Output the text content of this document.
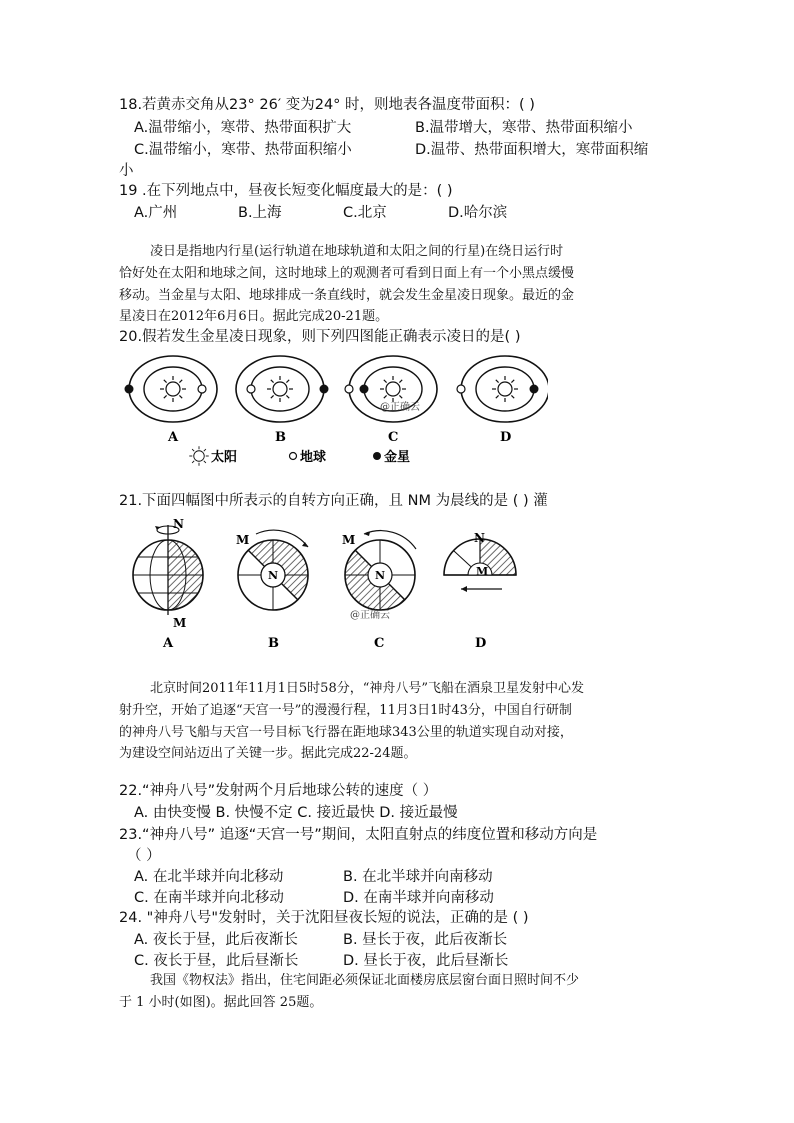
18.若黄赤交角从23° 26′ 变为24° 时，则地表各温度带面积：( )
A.温带缩小，寒带、热带面积扩大	B.温带增大，寒带、热带面积缩小
C.温带缩小，寒带、热带面积缩小	D.温带、热带面积增大，寒带面积缩
小
19 .在下列地点中，昼夜长短变化幅度最大的是：( )
A.广州	B.上海	C.北京	D.哈尔滨
凌日是指地内行星(运行轨道在地球轨道和太阳之间的行星)在绕日运行时
恰好处在太阳和地球之间，这时地球上的观测者可看到日面上有一个小黑点缓慢
移动。当金星与太阳、地球排成一条直线时，就会发生金星凌日现象。最近的金
星凌日在2012年6月6日。据此完成20-21题。
20.假若发生金星凌日现象，则下列四图能正确表示凌日的是( )
@正确云
A	B	C	D
太阳	地球	金星
21.下面四幅图中所表示的自转方向正确，且 NM 为晨线的是 ( ) 灌
N
M
N
M
N
M
@正确云
N
M
A	B	C	D
北京时间2011年11月1日5时58分，“神舟八号”飞船在酒泉卫星发射中心发
射升空，开始了追逐“天宫一号”的漫漫行程，11月3日1时43分，中国自行研制
的神舟八号飞船与天宫一号目标飞行器在距地球343公里的轨道实现自动对接，
为建设空间站迈出了关键一步。据此完成22-24题。
22.“神舟八号”发射两个月后地球公转的速度（ ）
A. 由快变慢 B. 快慢不定 C. 接近最快 D. 接近最慢
23.“神舟八号” 追逐“天宫一号”期间，太阳直射点的纬度位置和移动方向是
（ ）
A. 在北半球并向北移动	B. 在北半球并向南移动
C. 在南半球并向北移动	D. 在南半球并向南移动
24. "神舟八号"发射时，关于沈阳昼夜长短的说法，正确的是 ( )
A. 夜长于昼，此后夜渐长	B. 昼长于夜，此后夜渐长
C. 夜长于昼，此后昼渐长	D. 昼长于夜，此后昼渐长
我国《物权法》指出，住宅间距必须保证北面楼房底层窗台面日照时间不少
于 1 小时(如图)。据此回答 25题。
